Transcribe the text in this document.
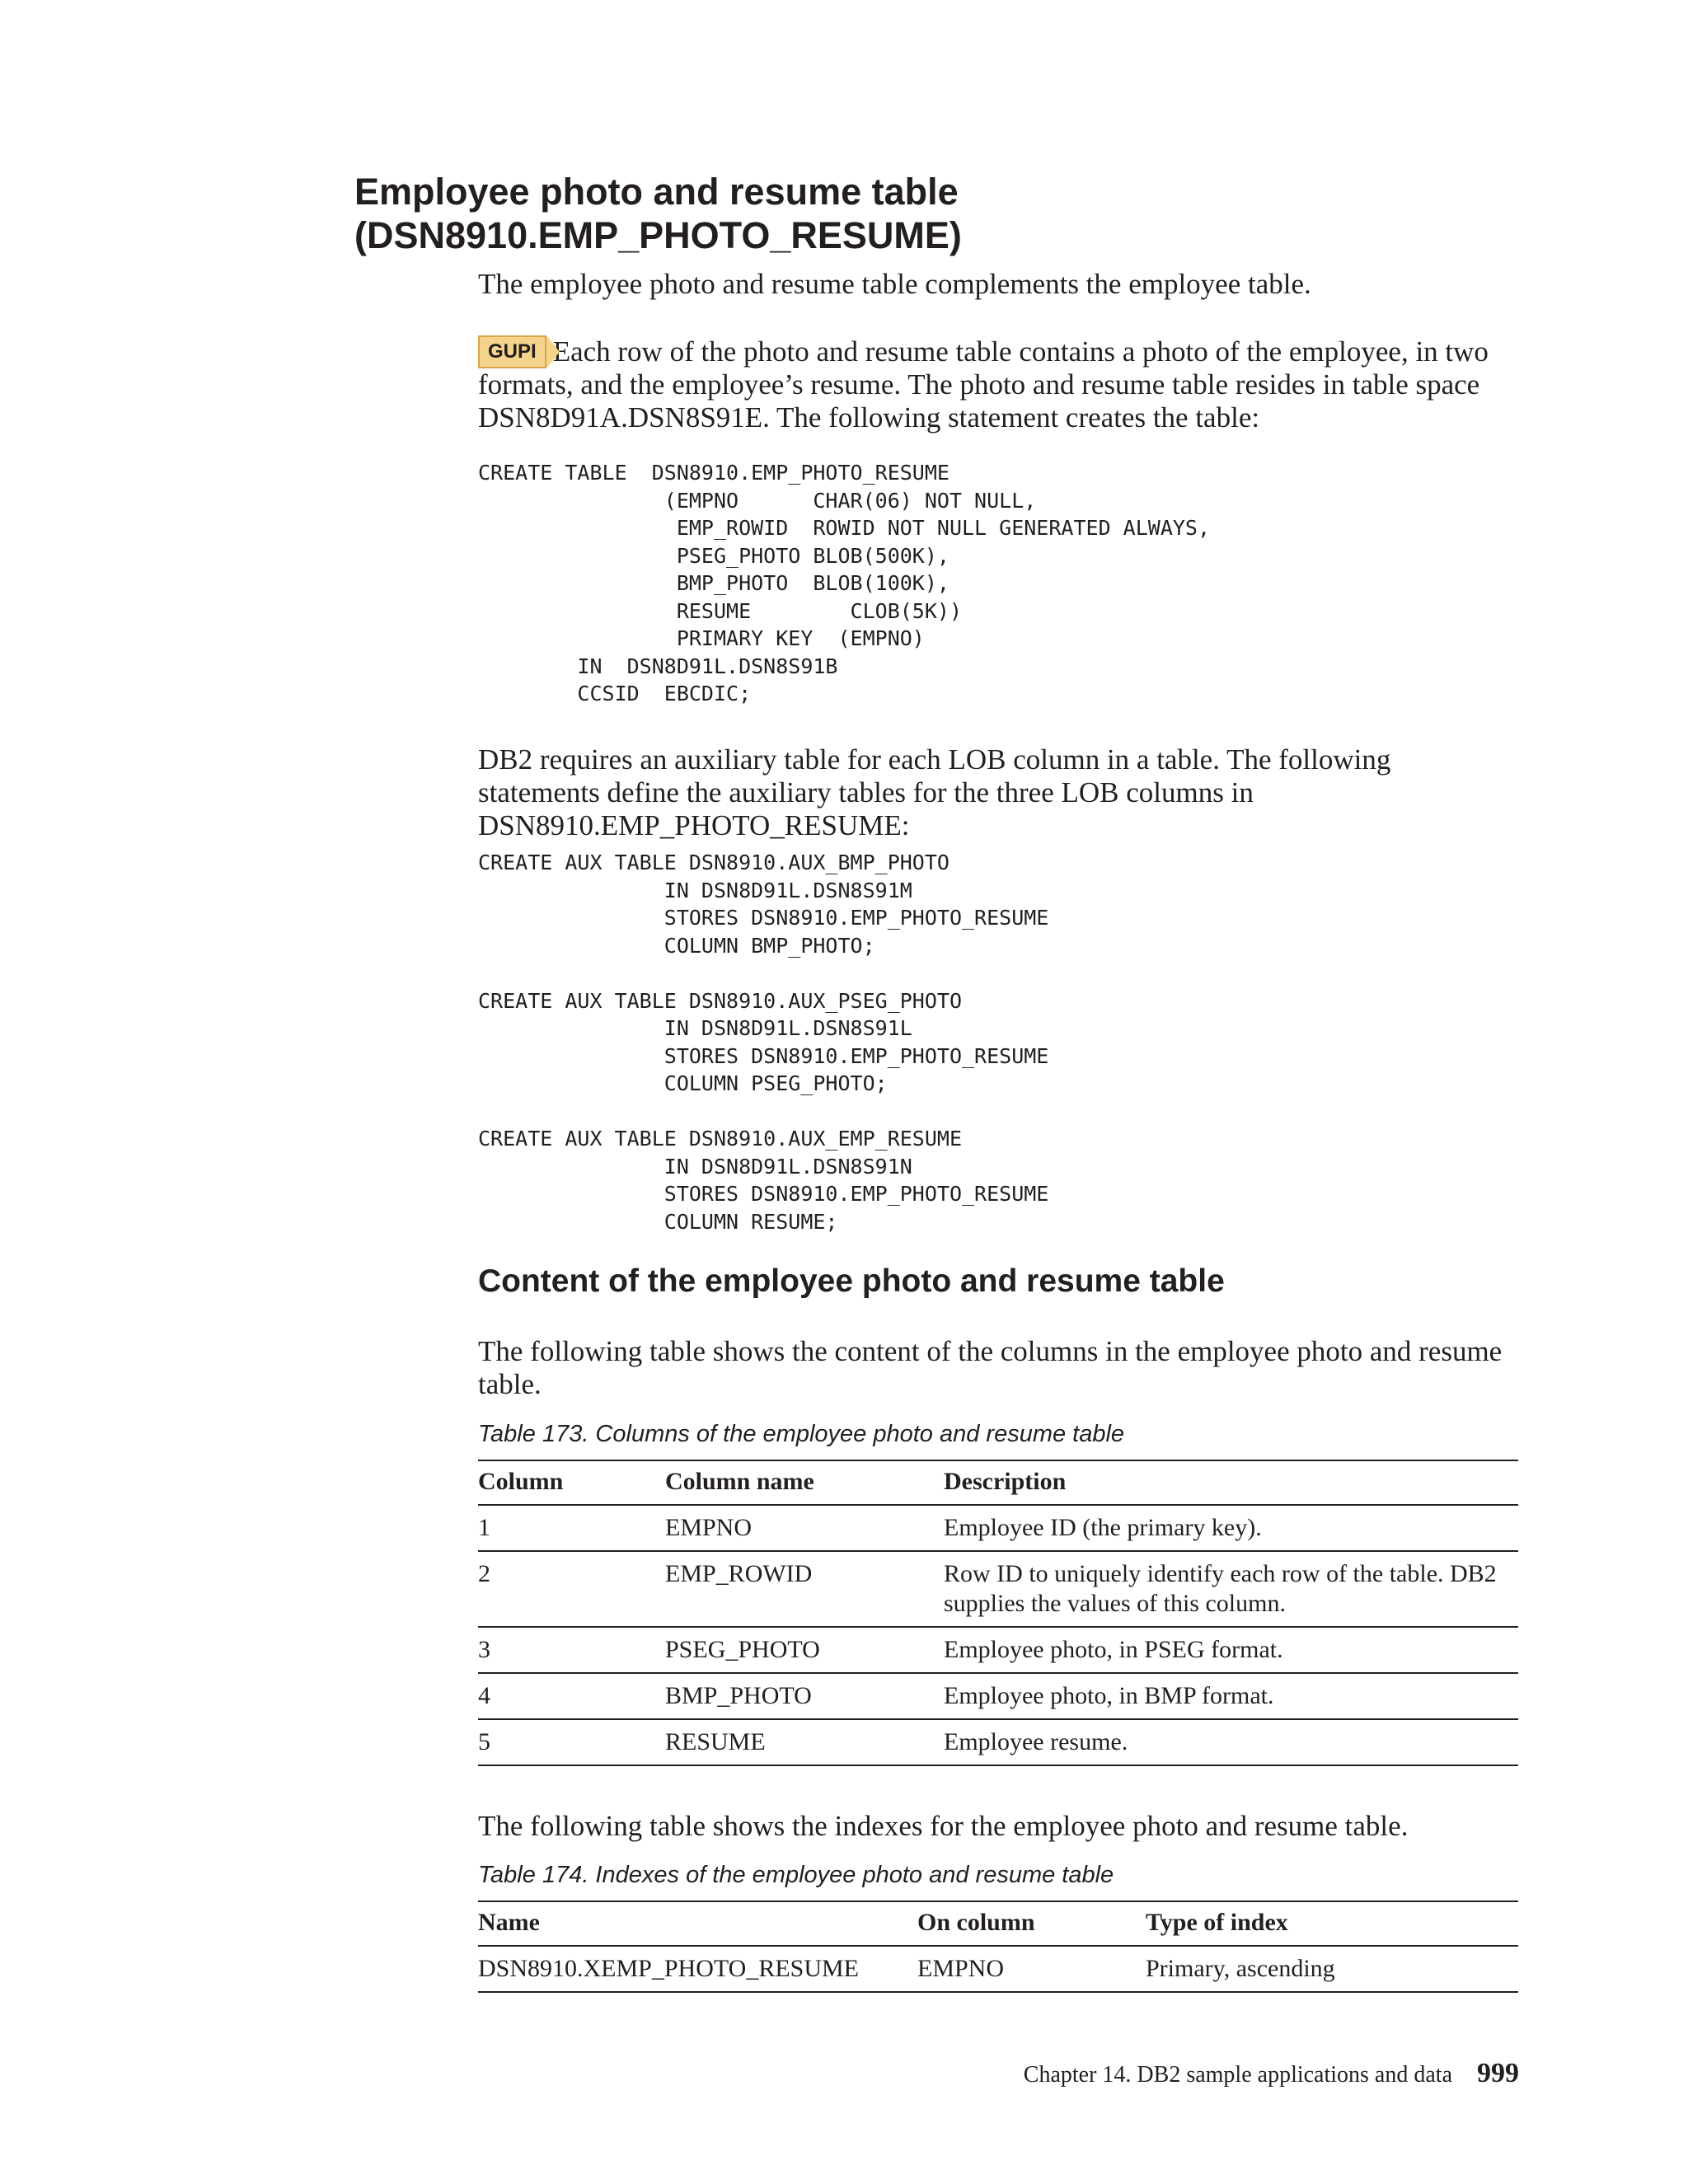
Employee photo and resume table
(DSN8910.EMP_PHOTO_RESUME)

The employee photo and resume table complements the employee table.

GUPI Each row of the photo and resume table contains a photo of the employee, in two formats, and the employee’s resume. The photo and resume table resides in table space DSN8D91A.DSN8S91E. The following statement creates the table:

CREATE TABLE  DSN8910.EMP_PHOTO_RESUME
(EMPNO      CHAR(06) NOT NULL,
EMP_ROWID  ROWID NOT NULL GENERATED ALWAYS,
PSEG_PHOTO BLOB(500K),
BMP_PHOTO  BLOB(100K),
RESUME        CLOB(5K))
PRIMARY KEY  (EMPNO)
IN  DSN8D91L.DSN8S91B
CCSID  EBCDIC;

DB2 requires an auxiliary table for each LOB column in a table. The following statements define the auxiliary tables for the three LOB columns in DSN8910.EMP_PHOTO_RESUME:

CREATE AUX TABLE DSN8910.AUX_BMP_PHOTO
IN DSN8D91L.DSN8S91M
STORES DSN8910.EMP_PHOTO_RESUME
COLUMN BMP_PHOTO;

CREATE AUX TABLE DSN8910.AUX_PSEG_PHOTO
IN DSN8D91L.DSN8S91L
STORES DSN8910.EMP_PHOTO_RESUME
COLUMN PSEG_PHOTO;

CREATE AUX TABLE DSN8910.AUX_EMP_RESUME
IN DSN8D91L.DSN8S91N
STORES DSN8910.EMP_PHOTO_RESUME
COLUMN RESUME;
Content of the employee photo and resume table

The following table shows the content of the columns in the employee photo and resume table.

Table 173. Columns of the employee photo and resume table

Column	Column name	Description
1	EMPNO	Employee ID (the primary key).
2	EMP_ROWID	Row ID to uniquely identify each row of the table. DB2 supplies the values of this column.
3	PSEG_PHOTO	Employee photo, in PSEG format.
4	BMP_PHOTO	Employee photo, in BMP format.
5	RESUME	Employee resume.

The following table shows the indexes for the employee photo and resume table.

Table 174. Indexes of the employee photo and resume table

Name	On column	Type of index
DSN8910.XEMP_PHOTO_RESUME	EMPNO	Primary, ascending
Chapter 14. DB2 sample applications and data 999
